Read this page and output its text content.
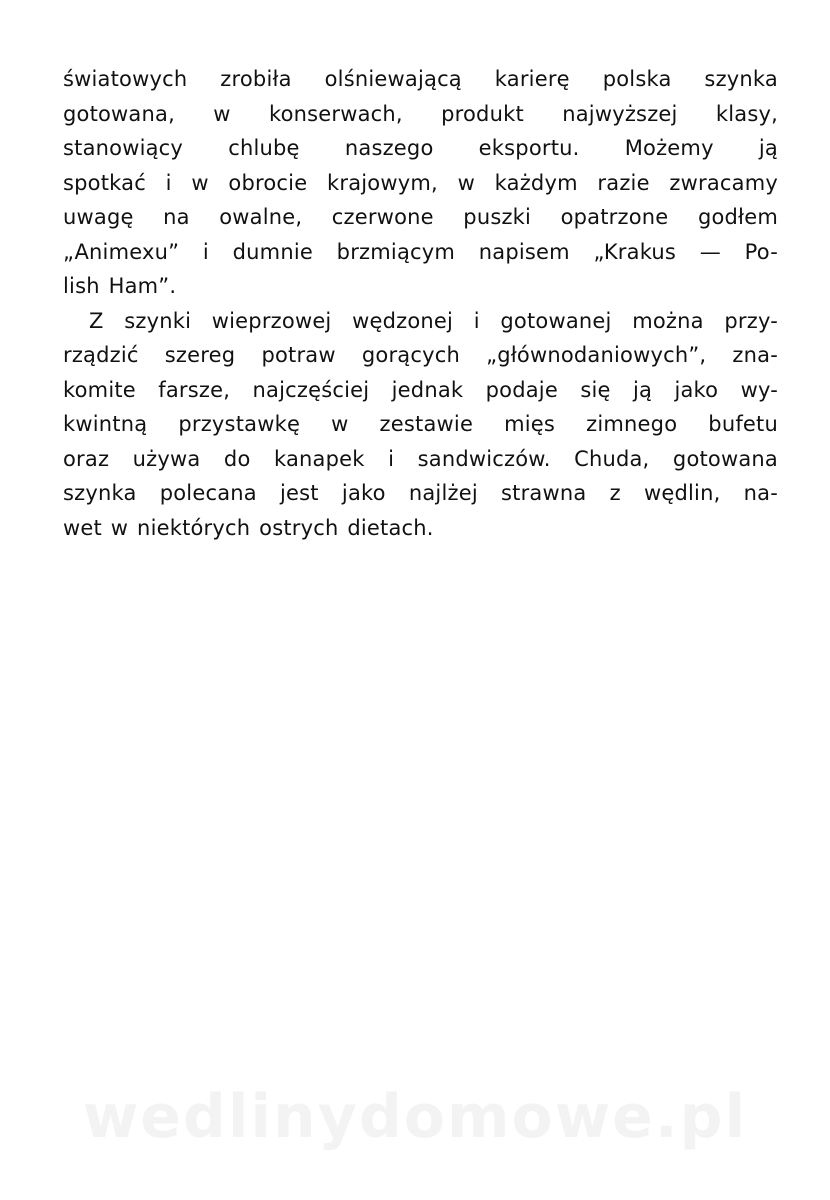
światowych zrobiła olśniewającą karierę polska szynka
gotowana, w konserwach, produkt najwyższej klasy,
stanowiący chlubę naszego eksportu. Możemy ją
spotkać i w obrocie krajowym, w każdym razie zwracamy
uwagę na owalne, czerwone puszki opatrzone godłem
„Animexu” i dumnie brzmiącym napisem „Krakus — Po-
lish Ham”.
Z szynki wieprzowej wędzonej i gotowanej można przy-
rządzić szereg potraw gorących „głównodaniowych”, zna-
komite farsze, najczęściej jednak podaje się ją jako wy-
kwintną przystawkę w zestawie mięs zimnego bufetu
oraz używa do kanapek i sandwiczów. Chuda, gotowana
szynka polecana jest jako najlżej strawna z wędlin, na-
wet w niektórych ostrych dietach.
wedlinydomowe.pl
